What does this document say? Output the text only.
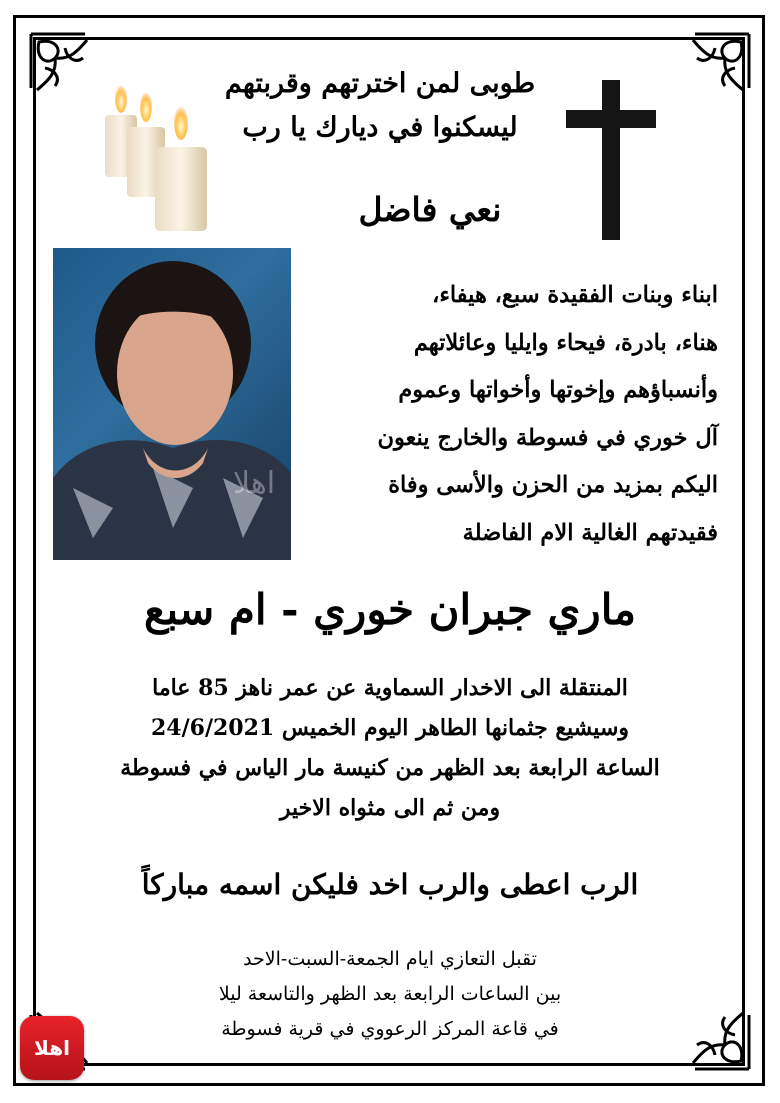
طوبى لمن اخترتهم وقربتهم
ليسكنوا في ديارك يا رب
نعي فاضل
اهلا
ابناء وبنات الفقيدة سبع، هيفاء،
هناء، بادرة، فيحاء وايليا وعائلاتهم
وأنسباؤهم وإخوتها وأخواتها وعموم
آل خوري في فسوطة والخارج ينعون
اليكم بمزيد من الحزن والأسى وفاة
فقيدتهم الغالية الام الفاضلة
ماري جبران خوري - ام سبع
المنتقلة الى الاخدار السماوية عن عمر ناهز 85 عاما
وسيشيع جثمانها الطاهر اليوم الخميس 24/6/2021
الساعة الرابعة بعد الظهر من كنيسة مار الياس في فسوطة
ومن ثم الى مثواه الاخير
الرب اعطى والرب اخد فليكن اسمه مباركاً
تقبل التعازي ايام الجمعة-السبت-الاحد
بين الساعات الرابعة بعد الظهر والتاسعة ليلا
في قاعة المركز الرعووي في قرية فسوطة
اهلا
